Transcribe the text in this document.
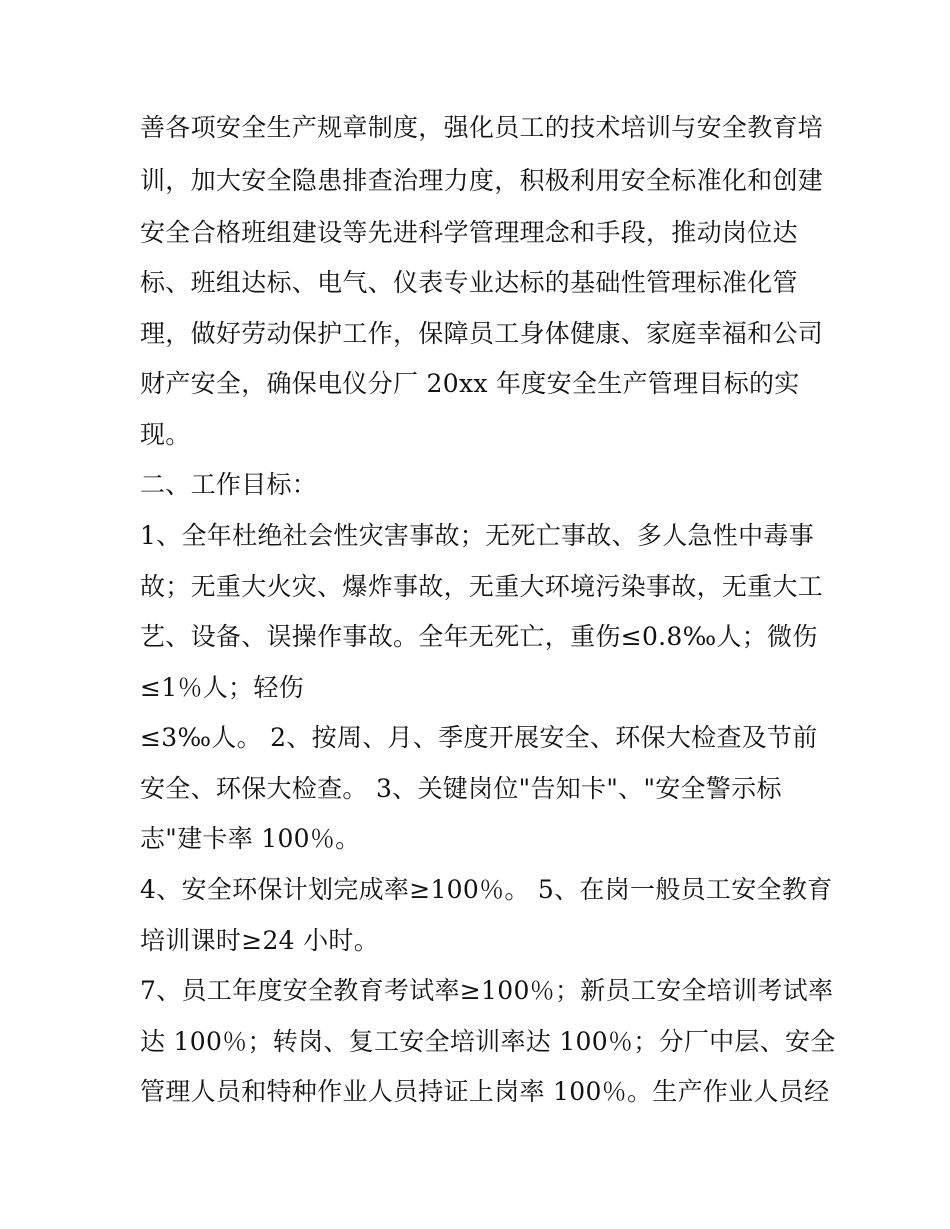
善各项安全生产规章制度，强化员工的技术培训与安全教育培
训，加大安全隐患排查治理力度，积极利用安全标准化和创建
安全合格班组建设等先进科学管理理念和手段，推动岗位达
标、班组达标、电气、仪表专业达标的基础性管理标准化管
理，做好劳动保护工作，保障员工身体健康、家庭幸福和公司
财产安全，确保电仪分厂 20xx 年度安全生产管理目标的实
现。
二、工作目标：
1、全年杜绝社会性灾害事故；无死亡事故、多人急性中毒事
故；无重大火灾、爆炸事故，无重大环境污染事故，无重大工
艺、设备、误操作事故。全年无死亡，重伤≤0.8‰人；微伤
≤1％人；轻伤
≤3‰人。 2、按周、月、季度开展安全、环保大检查及节前
安全、环保大检查。 3、关键岗位"告知卡"、"安全警示标
志"建卡率 100％。
4、安全环保计划完成率≥100％。 5、在岗一般员工安全教育
培训课时≥24 小时。
7、员工年度安全教育考试率≥100％；新员工安全培训考试率
达 100％；转岗、复工安全培训率达 100％；分厂中层、安全
管理人员和特种作业人员持证上岗率 100％。生产作业人员经
